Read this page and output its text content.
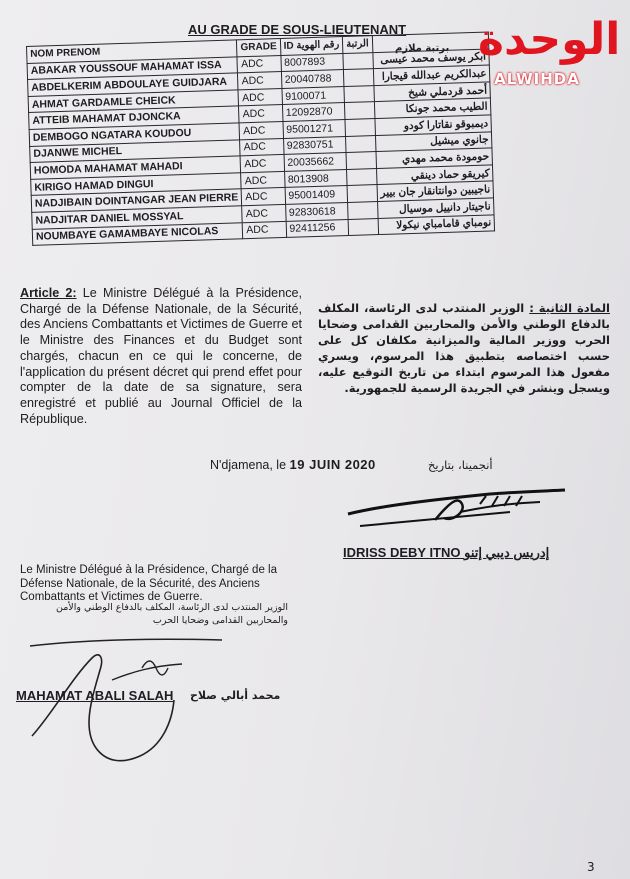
AU GRADE DE SOUS-LIEUTENANT
برتبة ملازم
NOM PRENOM	GRADE	ID رقم الهوية	الرتبة	
ABAKAR YOUSSOUF MAHAMAT ISSA	ADC	8007893		أبكر يوسف محمد عيسى
ABDELKERIM ABDOULAYE GUIDJARA	ADC	20040788		عبدالكريم عبدالله قيجارا
AHMAT GARDAMLE CHEICK	ADC	9100071		أحمد قردملي شيخ
ATTEIB MAHAMAT DJONCKA	ADC	12092870		الطيب محمد جونكا
DEMBOGO NGATARA KOUDOU	ADC	95001271		ديمبوقو نقاتارا كودو
DJANWE MICHEL	ADC	92830751		جانوي ميشيل
HOMODA MAHAMAT MAHADI	ADC	20035662		حومودة محمد مهدي
KIRIGO HAMAD DINGUI	ADC	8013908		كيريقو حماد دينقي
NADJIBAIN DOINTANGAR JEAN PIERRE	ADC	95001409		ناجيبين دوانتانقار جان بيير
NADJITAR DANIEL MOSSYAL	ADC	92830618		ناجيتار دانييل موسيال
NOUMBAYE GAMAMBAYE NICOLAS	ADC	92411256		نومباي قامامباي نيكولا
الوحدة
ALWIHDA
Article 2: Le Ministre Délégué à la Présidence, Chargé de la Défense Nationale, de la Sécurité, des Anciens Combattants et Victimes de Guerre et le Ministre des Finances et du Budget sont chargés, chacun en ce qui le concerne, de l'application du présent décret qui prend effet pour compter de la date de sa signature, sera enregistré et publié au Journal Officiel de la République.
المادة الثانية : الوزير المنتدب لدى الرئاسة، المكلف بالدفاع الوطني والأمن والمحاربين القدامى وضحايا الحرب ووزير المالية والميزانية مكلفان كل على حسب اختصاصه بتطبيق هذا المرسوم، ويسري مفعول هذا المرسوم ابتداء من تاريخ التوقيع عليه، ويسجل وينشر في الجريدة الرسمية للجمهورية.
N'djamena, le 19 JUIN 2020	أنجمينا، بتاريخ
IDRISS DEBY ITNO إدريس ديبي إتنو
Le Ministre Délégué à la Présidence, Chargé de la Défense Nationale, de la Sécurité, des Anciens Combattants et Victimes de Guerre.
الوزير المنتدب لدى الرئاسة، المكلف بالدفاع الوطني والأمن والمحاربين القدامى وضحايا الحرب
MAHAMAT ABALI SALAH محمد أبالي صلاح
3
